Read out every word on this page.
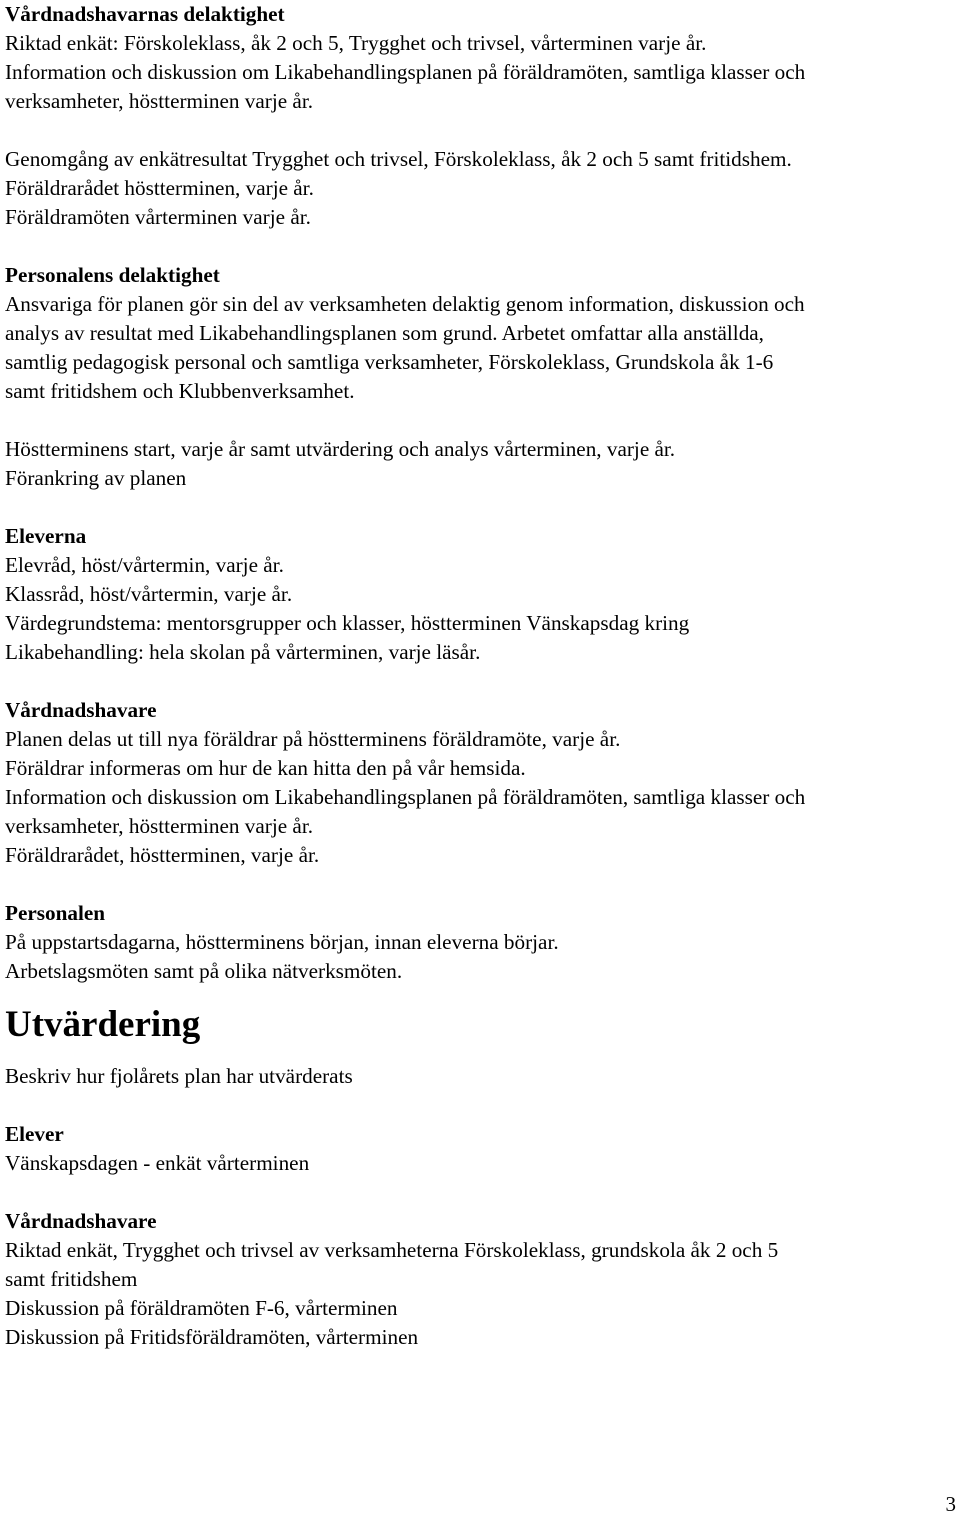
Vårdnadshavarnas delaktighet
Riktad enkät: Förskoleklass, åk 2 och 5, Trygghet och trivsel, vårterminen varje år.
Information och diskussion om Likabehandlingsplanen på föräldramöten, samtliga klasser och
verksamheter, höstterminen varje år.
Genomgång av enkätresultat Trygghet och trivsel, Förskoleklass, åk 2 och 5 samt fritidshem.
Föräldrarådet höstterminen, varje år.
Föräldramöten vårterminen varje år.
Personalens delaktighet
Ansvariga för planen gör sin del av verksamheten delaktig genom information, diskussion och
analys av resultat med Likabehandlingsplanen som grund. Arbetet omfattar alla anställda,
samtlig pedagogisk personal och samtliga verksamheter, Förskoleklass, Grundskola åk 1-6
samt fritidshem och Klubbenverksamhet.
Höstterminens start, varje år samt utvärdering och analys vårterminen, varje år.
Förankring av planen
Eleverna
Elevråd, höst/vårtermin, varje år.
Klassråd, höst/vårtermin, varje år.
Värdegrundstema: mentorsgrupper och klasser, höstterminen Vänskapsdag kring
Likabehandling: hela skolan på vårterminen, varje läsår.
Vårdnadshavare
Planen delas ut till nya föräldrar på höstterminens föräldramöte, varje år.
Föräldrar informeras om hur de kan hitta den på vår hemsida.
Information och diskussion om Likabehandlingsplanen på föräldramöten, samtliga klasser och
verksamheter, höstterminen varje år.
Föräldrarådet, höstterminen, varje år.
Personalen
På uppstartsdagarna, höstterminens början, innan eleverna börjar.
Arbetslagsmöten samt på olika nätverksmöten.
Utvärdering
Beskriv hur fjolårets plan har utvärderats
Elever
Vänskapsdagen - enkät vårterminen
Vårdnadshavare
Riktad enkät, Trygghet och trivsel av verksamheterna Förskoleklass, grundskola åk 2 och 5
samt fritidshem
Diskussion på föräldramöten F-6, vårterminen
Diskussion på Fritidsföräldramöten, vårterminen
3
